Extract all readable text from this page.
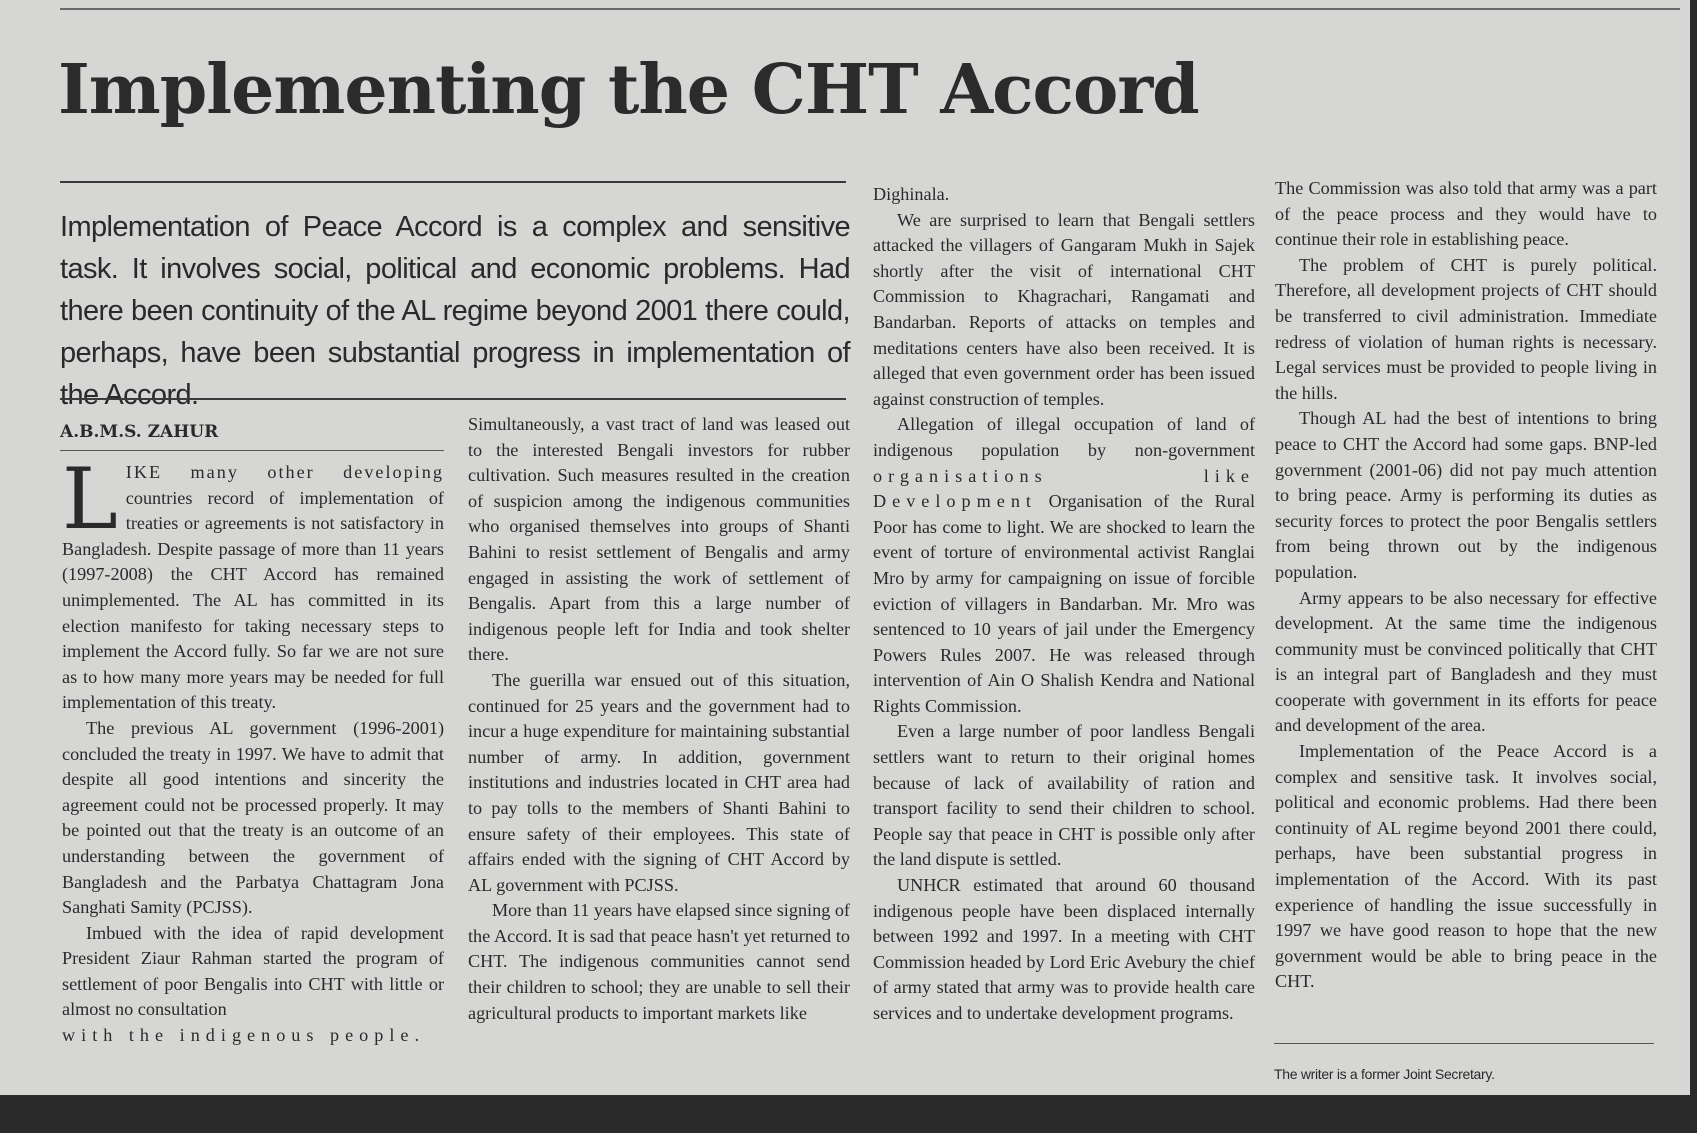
Implementing the CHT Accord

Implementation of Peace Accord is a complex and sensitive task. It involves social, political and economic problems. Had there been continuity of the AL regime beyond 2001 there could, perhaps, have been substantial progress in implementation of the Accord.

A.B.M.S. ZAHUR

LIKE many other developing countries record of implementation of treaties or agreements is not satisfactory in Bangladesh. Despite passage of more than 11 years (1997-2008) the CHT Accord has remained unimplemented. The AL has committed in its election manifesto for taking necessary steps to implement the Accord fully. So far we are not sure as to how many more years may be needed for full implementation of this treaty.

The previous AL government (1996-2001) concluded the treaty in 1997. We have to admit that despite all good intentions and sincerity the agreement could not be processed properly. It may be pointed out that the treaty is an outcome of an understanding between the government of Bangladesh and the Parbatya Chattagram Jona Sanghati Samity (PCJSS).

Imbued with the idea of rapid development President Ziaur Rahman started the program of settlement of poor Bengalis into CHT with little or almost no consultation

with the indigenous people.

Simultaneously, a vast tract of land was leased out to the interested Bengali investors for rubber cultivation. Such measures resulted in the creation of suspicion among the indigenous communities who organised themselves into groups of Shanti Bahini to resist settlement of Bengalis and army engaged in assisting the work of settlement of Bengalis. Apart from this a large number of indigenous people left for India and took shelter there.

The guerilla war ensued out of this situation, continued for 25 years and the government had to incur a huge expenditure for maintaining substantial number of army. In addition, government institutions and industries located in CHT area had to pay tolls to the members of Shanti Bahini to ensure safety of their employees. This state of affairs ended with the signing of CHT Accord by AL government with PCJSS.

More than 11 years have elapsed since signing of the Accord. It is sad that peace hasn't yet returned to CHT. The indigenous communities cannot send their children to school; they are unable to sell their agricultural products to important markets like

Dighinala.

We are surprised to learn that Bengali settlers attacked the villagers of Gangaram Mukh in Sajek shortly after the visit of international CHT Commission to Khagrachari, Rangamati and Bandarban. Reports of attacks on temples and meditations centers have also been received. It is alleged that even government order has been issued against construction of temples.

Allegation of illegal occupation of land of indigenous population by non-government organisations like Development Organisation of the Rural Poor has come to light. We are shocked to learn the event of torture of environmental activist Ranglai Mro by army for campaigning on issue of forcible eviction of villagers in Bandarban. Mr. Mro was sentenced to 10 years of jail under the Emergency Powers Rules 2007. He was released through intervention of Ain O Shalish Kendra and National Rights Commission.

Even a large number of poor landless Bengali settlers want to return to their original homes because of lack of availability of ration and transport facility to send their children to school. People say that peace in CHT is possible only after the land dispute is settled.

UNHCR estimated that around 60 thousand indigenous people have been displaced internally between 1992 and 1997. In a meeting with CHT Commission headed by Lord Eric Avebury the chief of army stated that army was to provide health care services and to undertake development programs.

The Commission was also told that army was a part of the peace process and they would have to continue their role in establishing peace.

The problem of CHT is purely political. Therefore, all development projects of CHT should be transferred to civil administration. Immediate redress of violation of human rights is necessary. Legal services must be provided to people living in the hills.

Though AL had the best of intentions to bring peace to CHT the Accord had some gaps. BNP-led government (2001-06) did not pay much attention to bring peace. Army is performing its duties as security forces to protect the poor Bengalis settlers from being thrown out by the indigenous population.

Army appears to be also necessary for effective development. At the same time the indigenous community must be convinced politically that CHT is an integral part of Bangladesh and they must cooperate with government in its efforts for peace and development of the area.

Implementation of the Peace Accord is a complex and sensitive task. It involves social, political and economic problems. Had there been continuity of AL regime beyond 2001 there could, perhaps, have been substantial progress in implementation of the Accord. With its past experience of handling the issue successfully in 1997 we have good reason to hope that the new government would be able to bring peace in the CHT.

The writer is a former Joint Secretary.
